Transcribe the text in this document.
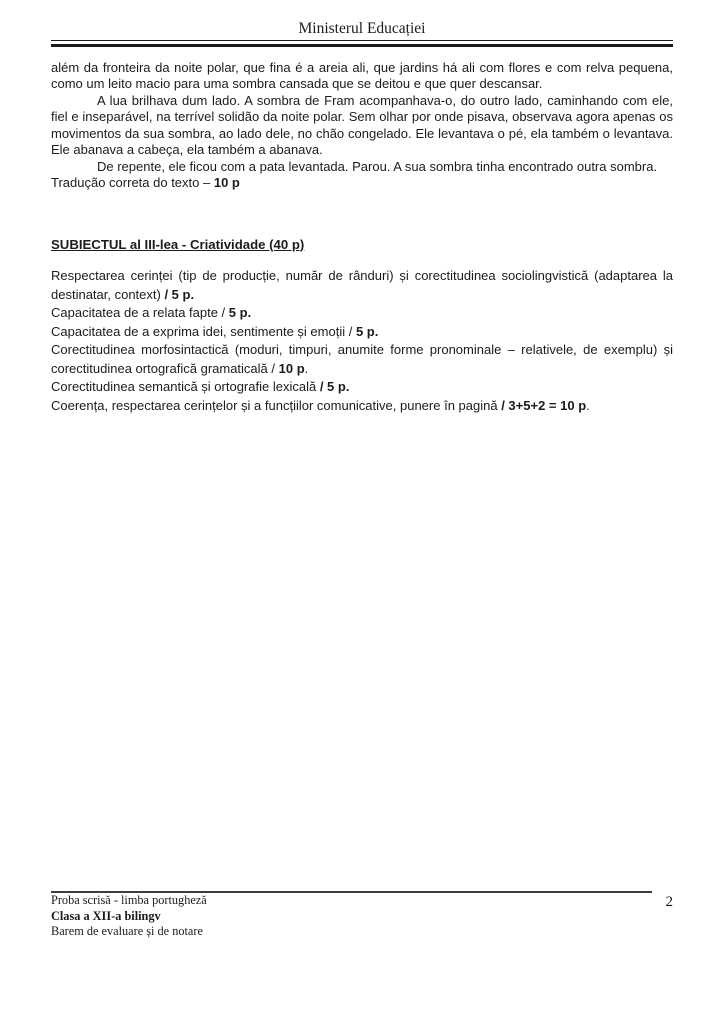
Ministerul Educației

além da fronteira da noite polar, que fina é a areia ali, que jardins há ali com flores e com relva pequena, como um leito macio para uma sombra cansada que se deitou e que quer descansar.

A lua brilhava dum lado. A sombra de Fram acompanhava-o, do outro lado, caminhando com ele, fiel e inseparável, na terrível solidão da noite polar. Sem olhar por onde pisava, observava agora apenas os movimentos da sua sombra, ao lado dele, no chão congelado. Ele levantava o pé, ela também o levantava. Ele abanava a cabeça, ela também a abanava.

De repente, ele ficou com a pata levantada. Parou. A sua sombra tinha encontrado outra sombra.

Tradução correta do texto – 10 p

SUBIECTUL al III-lea - Criatividade (40 p)

Respectarea cerinței (tip de producție, număr de rânduri) și corectitudinea sociolingvistică (adaptarea la destinatar, context) / 5 p.

Capacitatea de a relata fapte / 5 p.

Capacitatea de a exprima idei, sentimente și emoții / 5 p.

Corectitudinea morfosintactică (moduri, timpuri, anumite forme pronominale – relativele, de exemplu) și corectitudinea ortografică gramaticală / 10 p.

Corectitudinea semantică și ortografie lexicală / 5 p.

Coerența, respectarea cerințelor și a funcțiilor comunicative, punere în pagină / 3+5+2 = 10 p.

Proba scrisă - limba portugheză
Clasa a XII-a bilingv
Barem de evaluare și de notare
2
